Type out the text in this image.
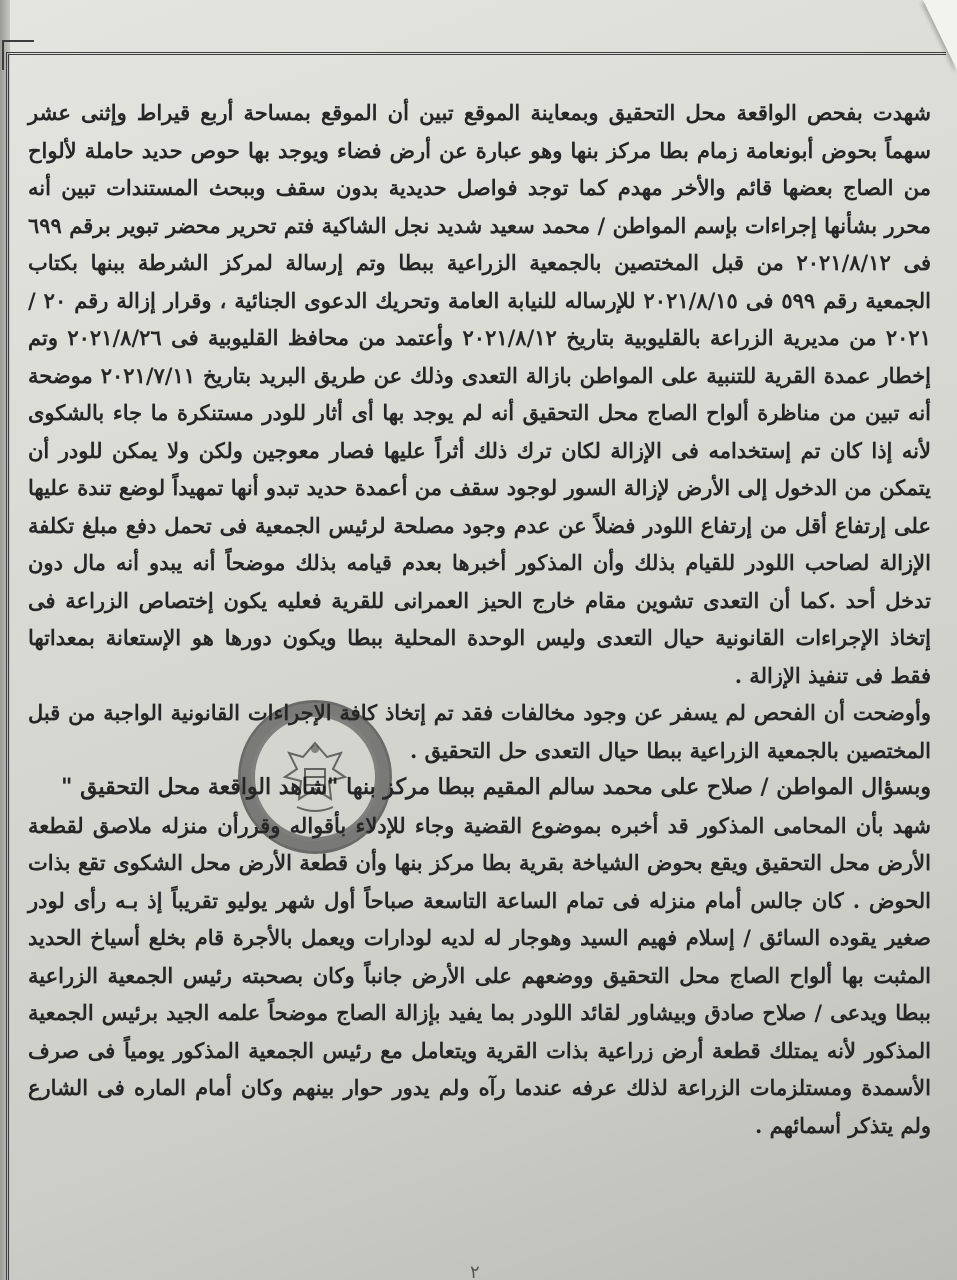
شهدت بفحص الواقعة محل التحقيق وبمعاينة الموقع تبين أن الموقع بمساحة أربع قيراط وإثنى عشر سهماً بحوض أبونعامة زمام بطا مركز بنها وهو عبارة عن أرض فضاء ويوجد بها حوص حديد حاملة لألواح من الصاج بعضها قائم والأخر مهدم كما توجد فواصل حديدية بدون سقف وببحث المستندات تبين أنه محرر بشأنها إجراءات بإسم المواطن / محمد سعيد شديد نجل الشاكية فتم تحرير محضر تبوير برقم ٦٩٩ فى ٢٠٢١/٨/١٢ من قبل المختصين بالجمعية الزراعية ببطا وتم إرسالة لمركز الشرطة ببنها بكتاب الجمعية رقم ٥٩٩ فى ٢٠٢١/٨/١٥ للإرساله للنيابة العامة وتحريك الدعوى الجنائية ، وقرار إزالة رقم ٢٠ / ٢٠٢١ من مديرية الزراعة بالقليوبية بتاريخ ٢٠٢١/٨/١٢ وأعتمد من محافظ القليوبية فى ٢٠٢١/٨/٢٦ وتم إخطار عمدة القرية للتنبية على المواطن بازالة التعدى وذلك عن طريق البريد بتاريخ ٢٠٢١/٧/١١ موضحة أنه تبين من مناظرة ألواح الصاج محل التحقيق أنه لم يوجد بها أى أثار للودر مستنكرة ما جاء بالشكوى لأنه إذا كان تم إستخدامه فى الإزالة لكان ترك ذلك أثراً عليها فصار معوجين ولكن ولا يمكن للودر أن يتمكن من الدخول إلى الأرض لإزالة السور لوجود سقف من أعمدة حديد تبدو أنها تمهيداً لوضع تندة عليها على إرتفاع أقل من إرتفاع اللودر فضلاً عن عدم وجود مصلحة لرئيس الجمعية فى تحمل دفع مبلغ تكلفة الإزالة لصاحب اللودر للقيام بذلك وأن المذكور أخبرها بعدم قيامه بذلك موضحاً أنه يبدو أنه مال دون تدخل أحد .كما أن التعدى تشوين مقام خارج الحيز العمرانى للقرية فعليه يكون إختصاص الزراعة فى إتخاذ الإجراءات القانونية حيال التعدى وليس الوحدة المحلية ببطا ويكون دورها هو الإستعانة بمعداتها فقط فى تنفيذ الإزالة .

وأوضحت أن الفحص لم يسفر عن وجود مخالفات فقد تم إتخاذ كافة الإجراءات القانونية الواجبة من قبل المختصين بالجمعية الزراعية ببطا حيال التعدى حل التحقيق .

وبسؤال المواطن / صلاح على محمد سالم المقيم ببطا مركز بنها "شاهد الواقعة محل التحقيق "

شهد بأن المحامى المذكور قد أخبره بموضوع القضية وجاء للإدلاء بأقواله وقررأن منزله ملاصق لقطعة الأرض محل التحقيق ويقع بحوض الشياخة بقرية بطا مركز بنها وأن قطعة الأرض محل الشكوى تقع بذات الحوض . كان جالس أمام منزله فى تمام الساعة التاسعة صباحاً أول شهر يوليو تقريباً إذ بـه رأى لودر صغير يقوده السائق / إسلام فهيم السيد وهوجار له لديه لودارات ويعمل بالأجرة قام بخلع أسياخ الحديد المثبت بها ألواح الصاج محل التحقيق ووضعهم على الأرض جانباً وكان بصحبته رئيس الجمعية الزراعية ببطا ويدعى / صلاح صادق وبيشاور لقائد اللودر بما يفيد بإزالة الصاج موضحاً علمه الجيد برئيس الجمعية المذكور لأنه يمتلك قطعة أرض زراعية بذات القرية ويتعامل مع رئيس الجمعية المذكور يومياً فى صرف الأسمدة ومستلزمات الزراعة لذلك عرفه عندما رآه ولم يدور حوار بينهم وكان أمام الماره فى الشارع ولم يتذكر أسمائهم .

٢
